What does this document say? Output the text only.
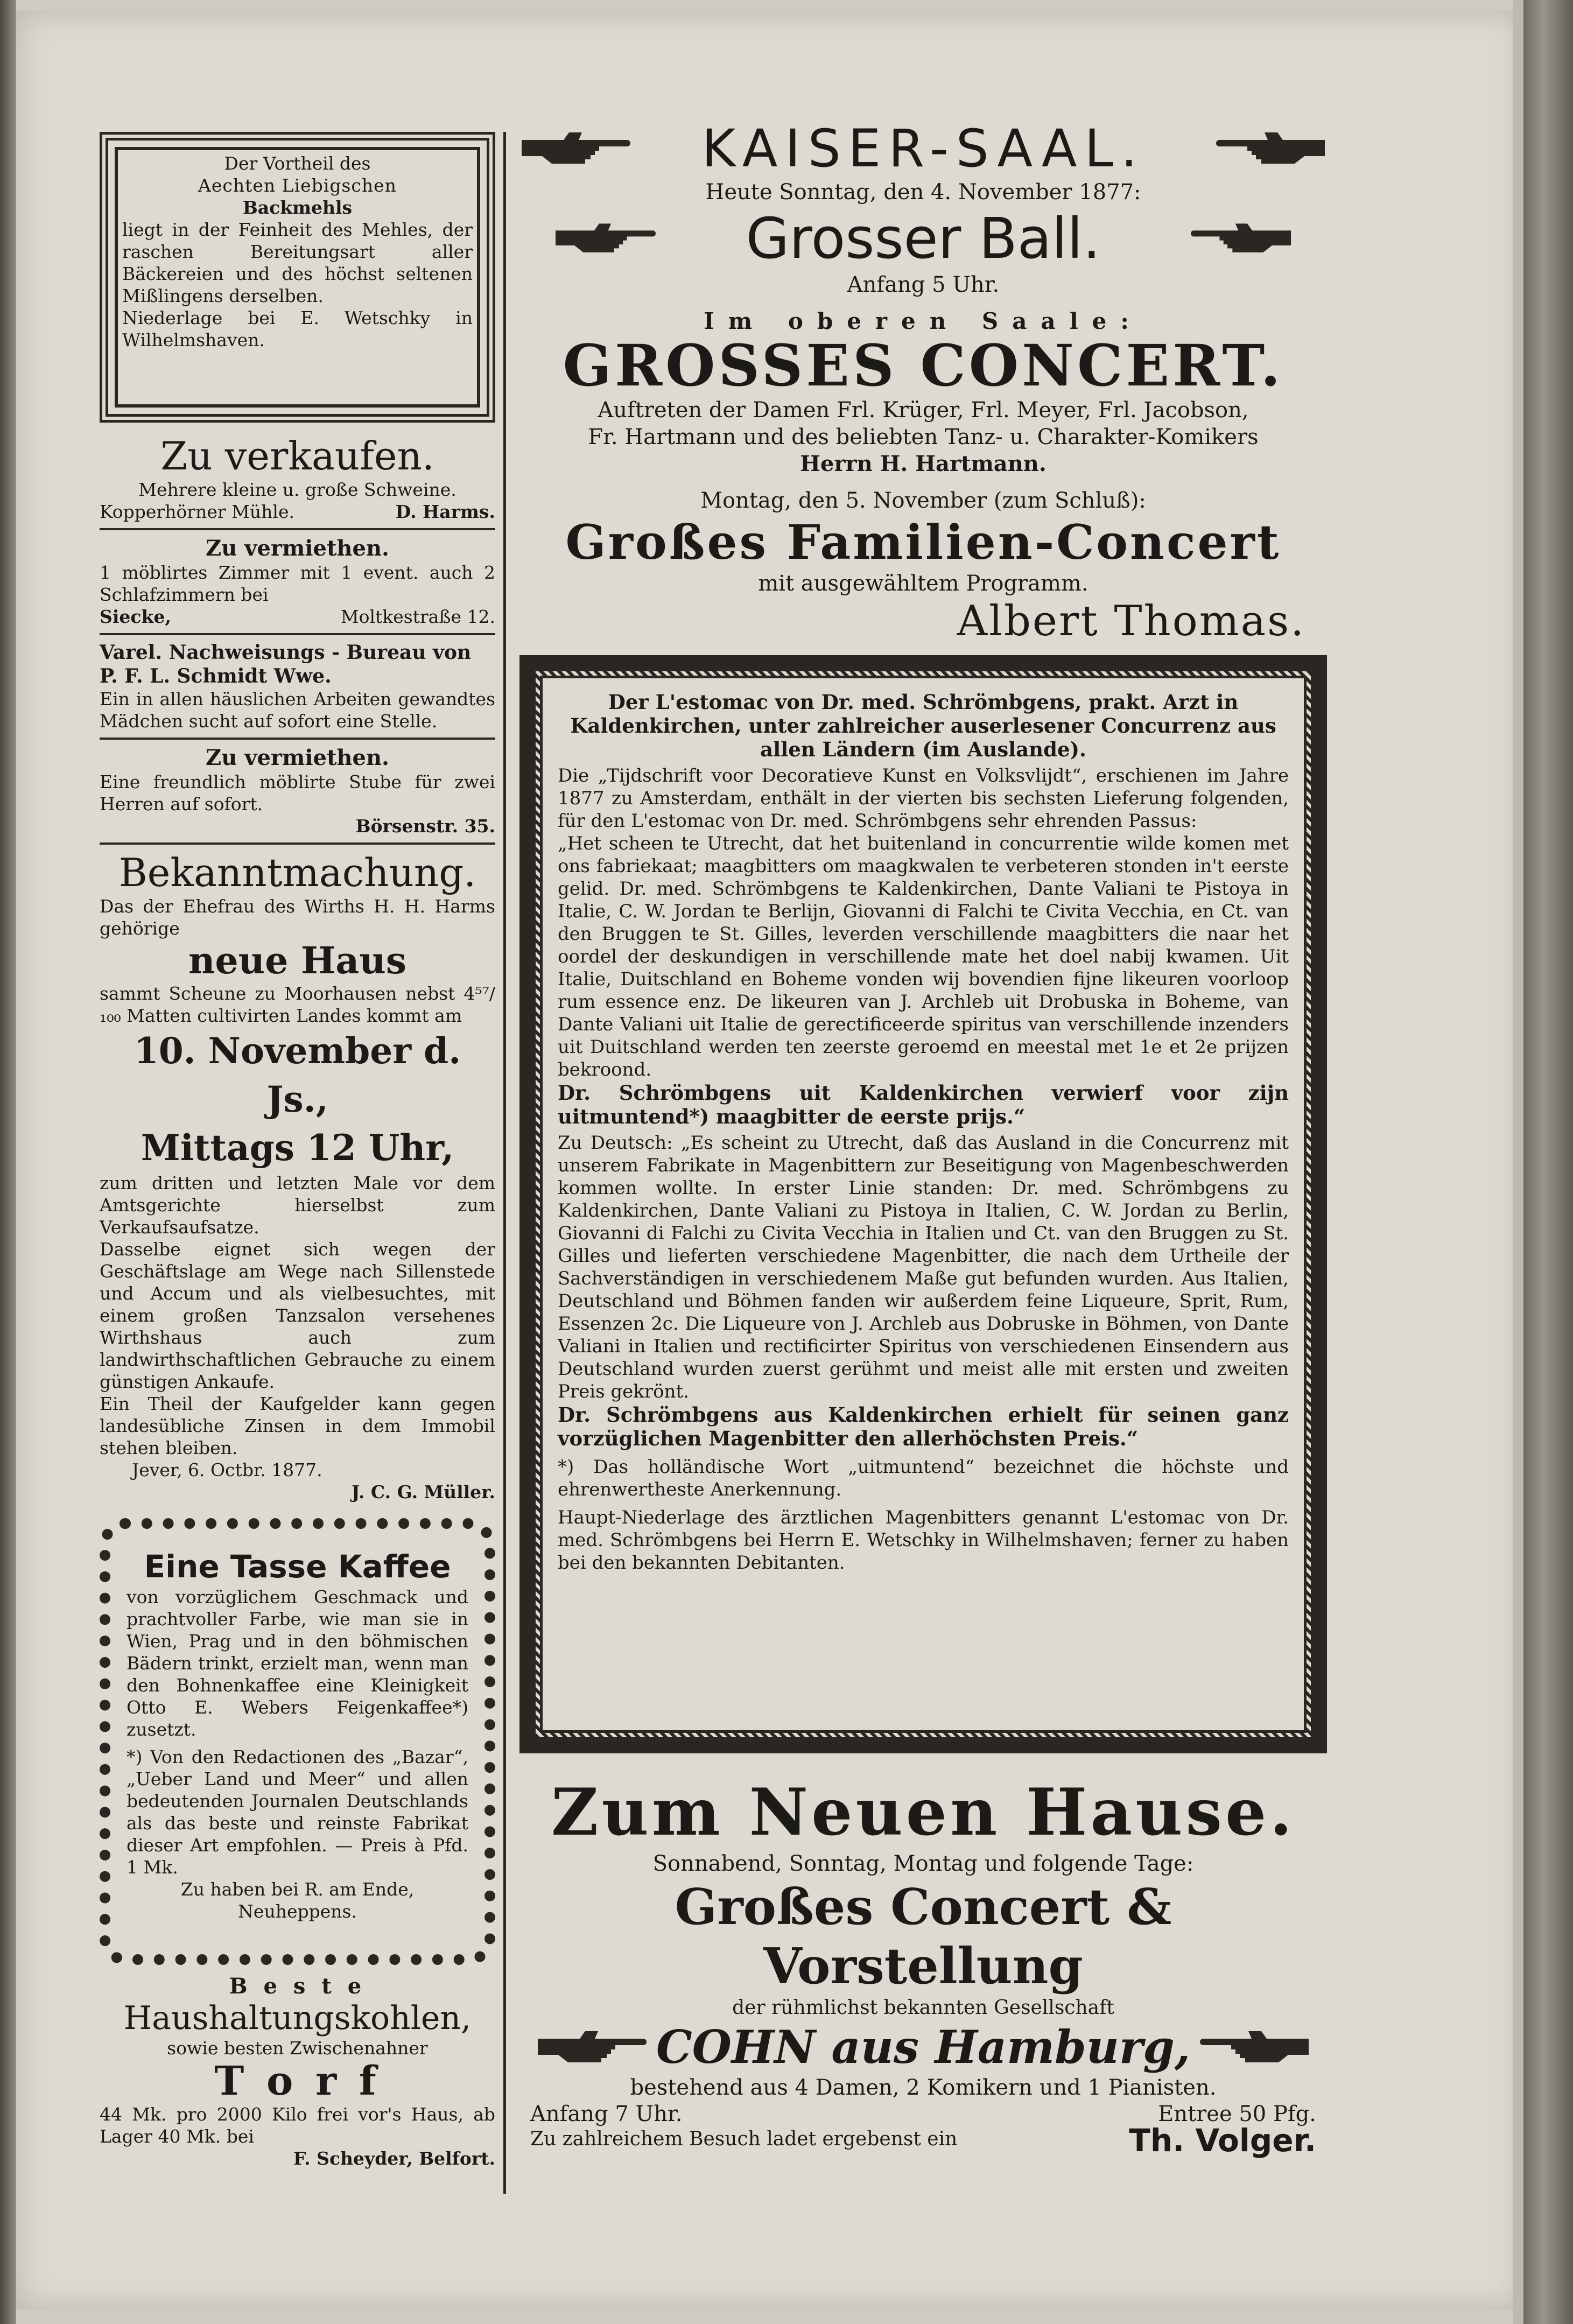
Der Vortheil des

Aechten Liebigschen

Backmehls

liegt in der Feinheit des Mehles, der raschen Bereitungsart aller Bäckereien und des höchst seltenen Mißlingens derselben.

Niederlage bei E. Wetschky in Wilhelmshaven.

Zu verkaufen.

Mehrere kleine u. große Schweine.

Kopperhörner Mühle.	D. Harms.
Zu vermiethen.

1 möblirtes Zimmer mit 1 event. auch 2 Schlafzimmern bei

Siecke,	Moltkestraße 12.

Varel. Nachweisungs - Bureau von P. F. L. Schmidt Wwe.

Ein in allen häuslichen Arbeiten gewandtes Mädchen sucht auf sofort eine Stelle.

Zu vermiethen.

Eine freundlich möblirte Stube für zwei Herren auf sofort.

Börsenstr. 35.

Bekanntmachung.

Das der Ehefrau des Wirths H. H. Harms gehörige

neue Haus

sammt Scheune zu Moorhausen nebst 4⁵⁷/₁₀₀ Matten cultivirten Landes kommt am

10. November d. Js.,
Mittags 12 Uhr,

zum dritten und letzten Male vor dem Amtsgerichte hierselbst zum Verkaufsaufsatze.

Dasselbe eignet sich wegen der Geschäftslage am Wege nach Sillenstede und Accum und als vielbesuchtes, mit einem großen Tanzsalon versehenes Wirthshaus auch zum landwirthschaftlichen Gebrauche zu einem günstigen Ankaufe.

Ein Theil der Kaufgelder kann gegen landesübliche Zinsen in dem Immobil stehen bleiben.

Jever, 6. Octbr. 1877.

J. C. G. Müller.

Eine Tasse Kaffee

von vorzüglichem Geschmack und prachtvoller Farbe, wie man sie in Wien, Prag und in den böhmischen Bädern trinkt, erzielt man, wenn man den Bohnenkaffee eine Kleinigkeit Otto E. Webers Feigenkaffee*) zusetzt.

*) Von den Redactionen des „Bazar“, „Ueber Land und Meer“ und allen bedeutenden Journalen Deutschlands als das beste und reinste Fabrikat dieser Art empfohlen. — Preis à Pfd. 1 Mk.

Zu haben bei R. am Ende, Neuheppens.

B e s t e
Haushaltungskohlen,

sowie besten Zwischenahner

T o r f

44 Mk. pro 2000 Kilo frei vor's Haus, ab Lager 40 Mk. bei

F. Scheyder, Belfort.

KAISER-SAAL.

Heute Sonntag, den 4. November 1877:

Grosser Ball.

Anfang 5 Uhr.

Im oberen Saale:
GROSSES CONCERT.

Auftreten der Damen Frl. Krüger, Frl. Meyer, Frl. Jacobson,

Fr. Hartmann und des beliebten Tanz- u. Charakter-Komikers

Herrn H. Hartmann.

Montag, den 5. November (zum Schluß):

Großes Familien-Concert

mit ausgewähltem Programm.

Albert Thomas.

Der L'estomac von Dr. med. Schrömbgens, prakt. Arzt in Kaldenkirchen, unter zahlreicher auserlesener Concurrenz aus allen Ländern (im Auslande).

Die „Tijdschrift voor Decoratieve Kunst en Volksvlijdt“, erschienen im Jahre 1877 zu Amsterdam, enthält in der vierten bis sechsten Lieferung folgenden, für den L'estomac von Dr. med. Schrömbgens sehr ehrenden Passus:

„Het scheen te Utrecht, dat het buitenland in concurrentie wilde komen met ons fabriekaat; maagbitters om maagkwalen te verbeteren stonden in't eerste gelid. Dr. med. Schrömbgens te Kaldenkirchen, Dante Valiani te Pistoya in Italie, C. W. Jordan te Berlijn, Giovanni di Falchi te Civita Vecchia, en Ct. van den Bruggen te St. Gilles, leverden verschillende maagbitters die naar het oordel der deskundigen in verschillende mate het doel nabij kwamen. Uit Italie, Duitschland en Boheme vonden wij bovendien fijne likeuren voorloop rum essence enz. De likeuren van J. Archleb uit Drobuska in Boheme, van Dante Valiani uit Italie de gerectificeerde spiritus van verschillende inzenders uit Duitschland werden ten zeerste geroemd en meestal met 1e et 2e prijzen bekroond.

Dr. Schrömbgens uit Kaldenkirchen verwierf voor zijn uitmuntend*) maagbitter de eerste prijs.“

Zu Deutsch: „Es scheint zu Utrecht, daß das Ausland in die Concurrenz mit unserem Fabrikate in Magenbittern zur Beseitigung von Magenbeschwerden kommen wollte. In erster Linie standen: Dr. med. Schrömbgens zu Kaldenkirchen, Dante Valiani zu Pistoya in Italien, C. W. Jordan zu Berlin, Giovanni di Falchi zu Civita Vecchia in Italien und Ct. van den Bruggen zu St. Gilles und lieferten verschiedene Magenbitter, die nach dem Urtheile der Sachverständigen in verschiedenem Maße gut befunden wurden. Aus Italien, Deutschland und Böhmen fanden wir außerdem feine Liqueure, Sprit, Rum, Essenzen 2c. Die Liqueure von J. Archleb aus Dobruske in Böhmen, von Dante Valiani in Italien und rectificirter Spiritus von verschiedenen Einsendern aus Deutschland wurden zuerst gerühmt und meist alle mit ersten und zweiten Preis gekrönt.

Dr. Schrömbgens aus Kaldenkirchen erhielt für seinen ganz vorzüglichen Magenbitter den allerhöchsten Preis.“

*) Das holländische Wort „uitmuntend“ bezeichnet die höchste und ehrenwertheste Anerkennung.

Haupt-Niederlage des ärztlichen Magenbitters genannt L'estomac von Dr. med. Schrömbgens bei Herrn E. Wetschky in Wilhelmshaven; ferner zu haben bei den bekannten Debitanten.

Zum Neuen Hause.

Sonnabend, Sonntag, Montag und folgende Tage:

Großes Concert & Vorstellung

der rühmlichst bekannten Gesellschaft

COHN aus Hamburg,

bestehend aus 4 Damen, 2 Komikern und 1 Pianisten.

Anfang 7 Uhr.	Entree 50 Pfg.
Zu zahlreichem Besuch ladet ergebenst ein	Th. Volger.
